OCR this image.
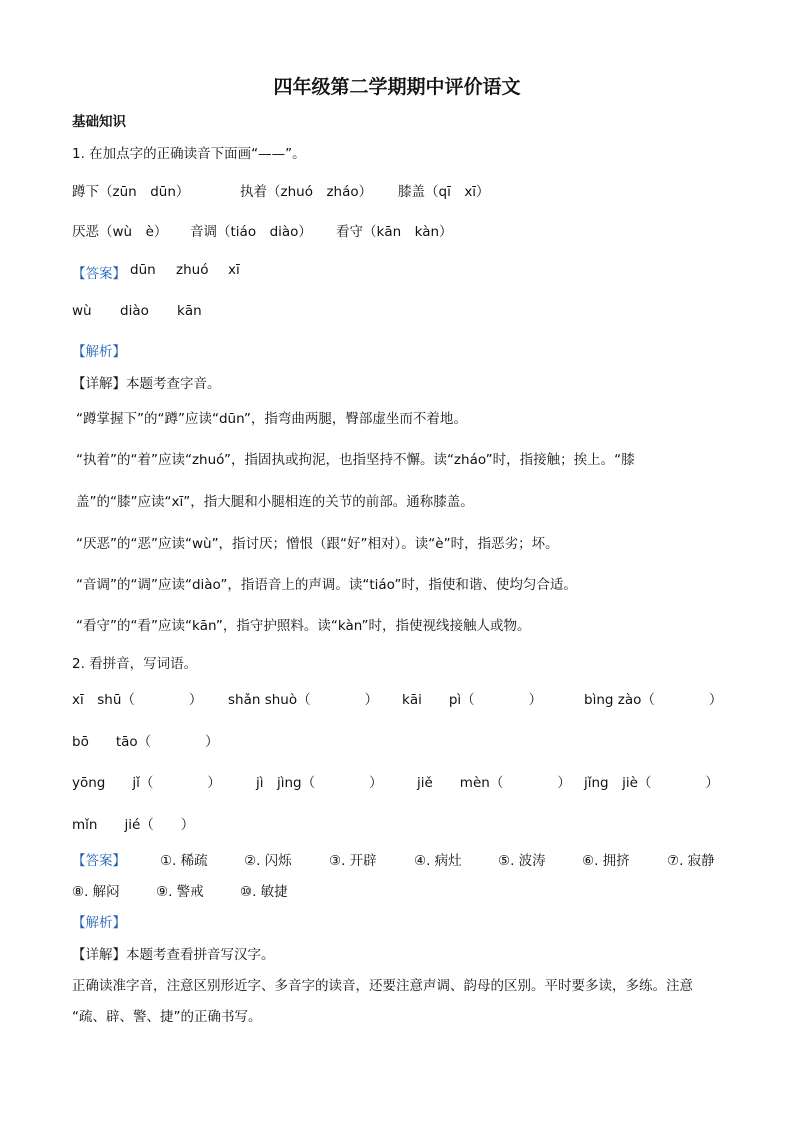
四年级第二学期期中评价语文
基础知识
1. 在加点字的正确读音下面画“——”。
蹲下（zūn　dūn）	执着（zhuó　zháo） 膝盖（qī　xī）
厌恶（wù　è） 音调（tiáo　diào） 看守（kān　kàn）
【答案】 dūn zhuó xī
wù diào kān
【解析】
【详解】本题考查字音。
“蹲掌握下”的“蹲”应读“dūn”，指弯曲两腿，臀部虚坐而不着地。
“执着”的“着”应读“zhuó”，指固执或拘泥，也指坚持不懈。读“zháo”时，指接触；挨上。“膝
盖”的“膝”应读“xī”，指大腿和小腿相连的关节的前部。通称膝盖。
“厌恶”的“恶”应读“wù”，指讨厌；憎恨（跟“好”相对）。读“è”时，指恶劣；坏。
“音调”的“调”应读“diào”，指语音上的声调。读“tiáo”时，指使和谐、使均匀合适。
“看守”的“看”应读“kān”，指守护照料。读“kàn”时，指使视线接触人或物。
2. 看拼音，写词语。
xī　shū（　　　　） shǎn shuò（　　　　） kāi　　pì（　　　　）	bìng zào（　　　　）
bō　　tāo（　　　　）
yōng　　jǐ（　　　　）	jì　jìng（　　　　）	jiě　　mèn（　　　　） jǐng　jiè（　　　　）
mǐn　　jié（　　）
【答案】	①. 稀疏	②. 闪烁	③. 开辟	④. 病灶	⑤. 波涛	⑥. 拥挤	⑦. 寂静
⑧. 解闷	⑨. 警戒	⑩. 敏捷
【解析】
【详解】本题考查看拼音写汉字。
正确读准字音，注意区别形近字、多音字的读音，还要注意声调、韵母的区别。平时要多读，多练。注意
“疏、辟、警、捷”的正确书写。
